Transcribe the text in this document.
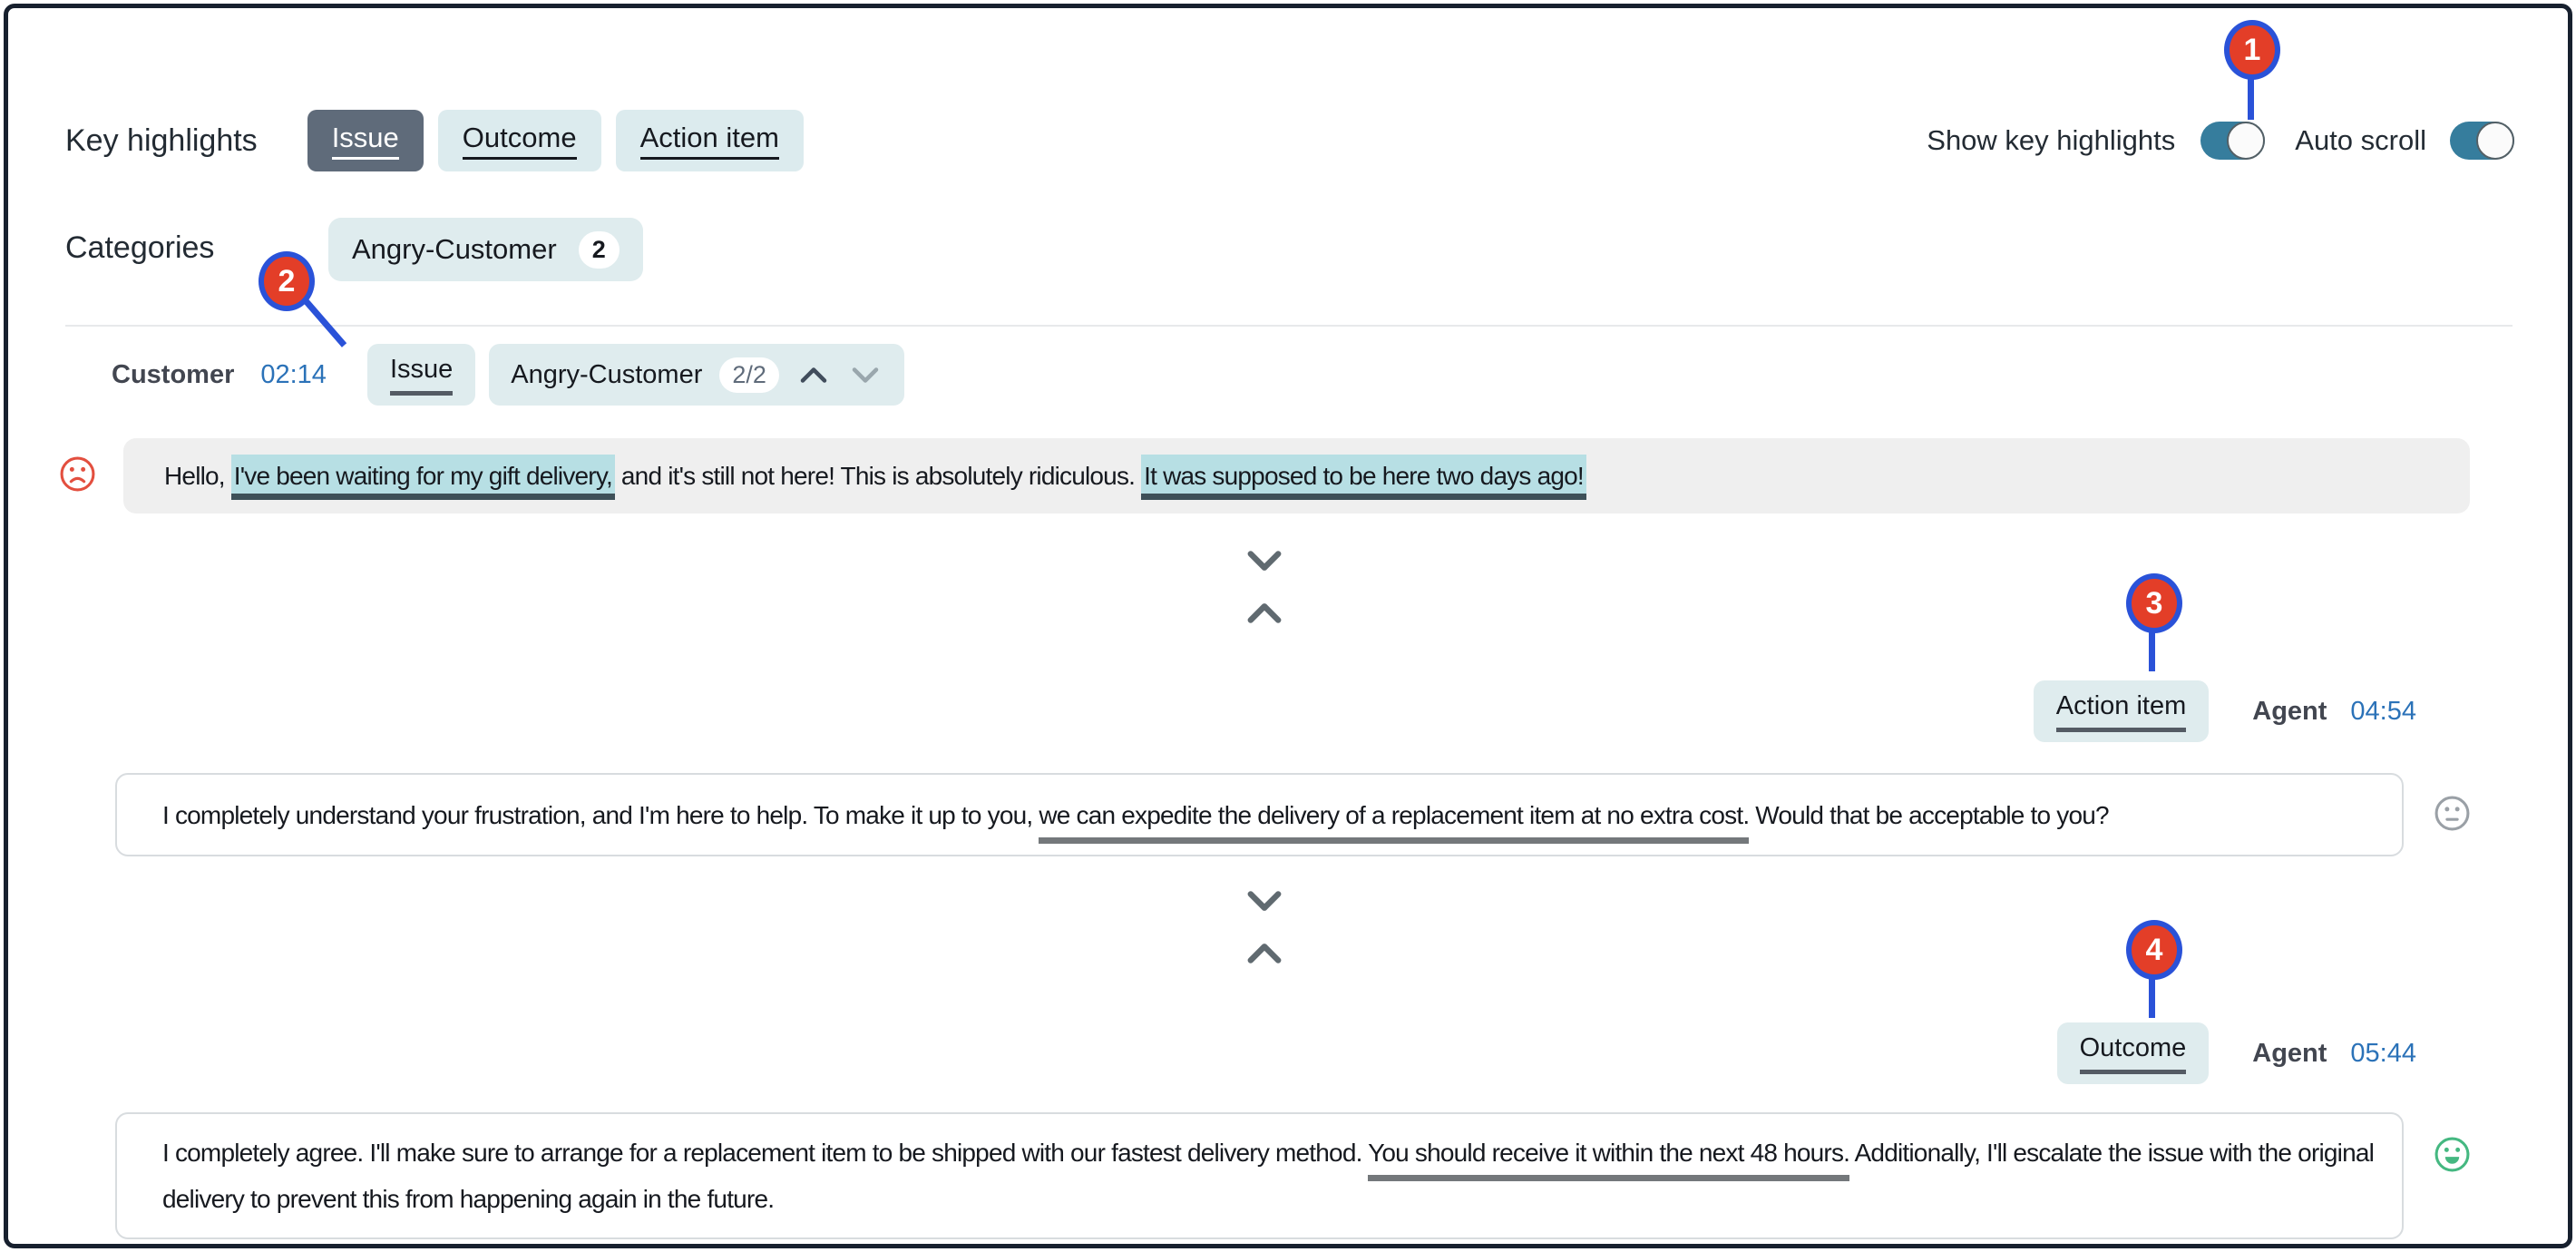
Key highlights	Issue Outcome Action item	Show key highlights	Auto scroll
1
Categories	Angry-Customer	2
2
Customer 02:14 Issue Angry-Customer	2/2
Hello, I've been waiting for my gift delivery, and it's still not here! This is absolutely ridiculous. It was supposed to be here two days ago!
3
Action item	Agent 04:54
I completely understand your frustration, and I'm here to help. To make it up to you, we can expedite the delivery of a replacement item at no extra cost. Would that be acceptable to you?
4
Outcome	Agent 05:44
I completely agree. I'll make sure to arrange for a replacement item to be shipped with our fastest delivery method. You should receive it within the next 48 hours. Additionally, I'll escalate the issue with the original delivery to prevent this from happening again in the future.
